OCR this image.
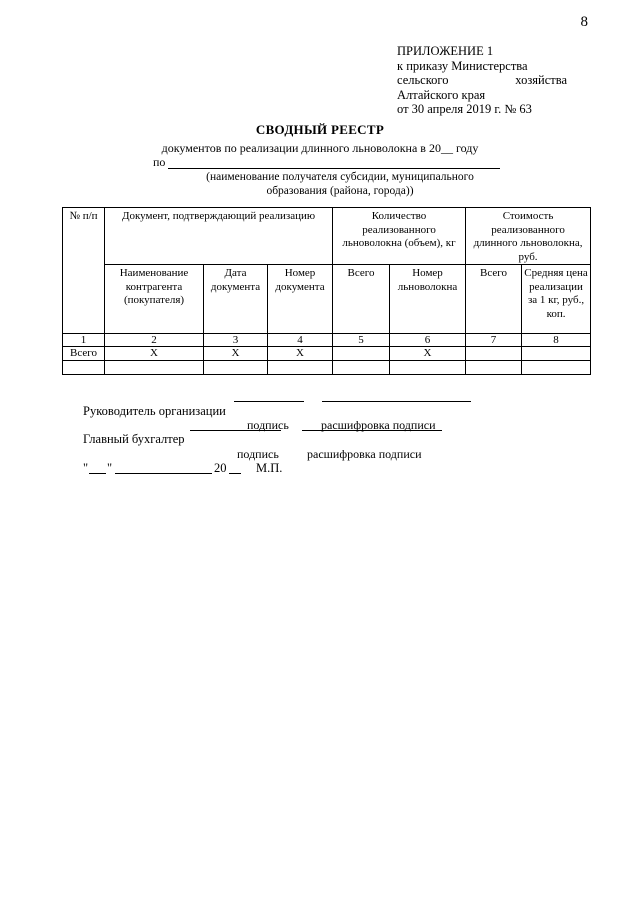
8
ПРИЛОЖЕНИЕ 1
к приказу Министерства
сельского	хозяйства
Алтайского края
от 30 апреля 2019 г. № 63
СВОДНЫЙ РЕЕСТР
документов по реализации длинного льноволокна в 20__ году
по
(наименование получателя субсидии, муниципального
образования (района, города))
№ п/п	Документ, подтверждающий реализацию			Количество реализованного льноволокна (объем), кг		Стоимость реализованного длинного льноволокна, руб.	
	Наименование контрагента (покупателя)	Дата документа	Номер документа	Всего	Номер льноволокна	Всего	Средняя цена реализации за 1 кг, руб., коп.
1	2	3	4	5	6	7	8
Всего	Х	Х	Х		Х		

Руководитель организации
подпись	расшифровка подписи
Главный бухгалтер
подпись расшифровка подписи
" "	20 М.П.
